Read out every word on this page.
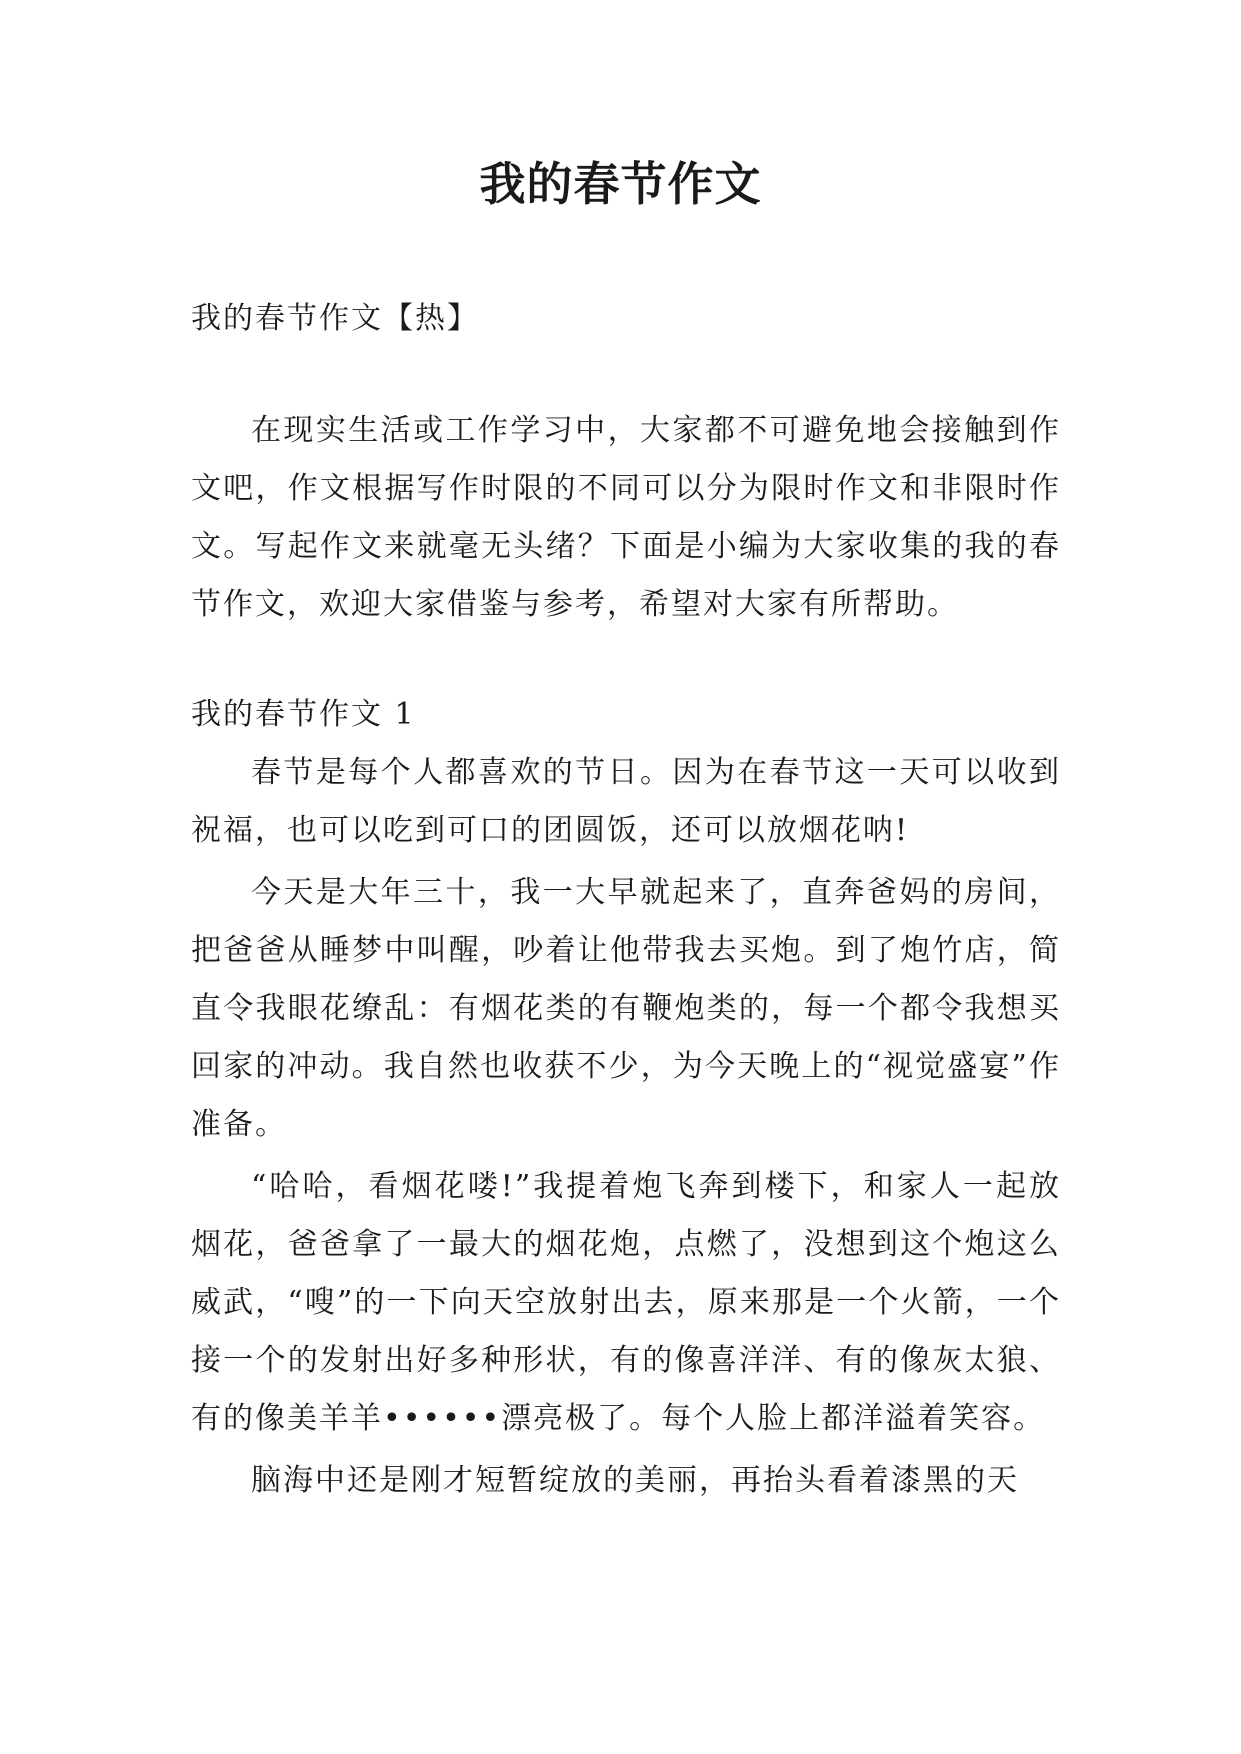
我的春节作文
我的春节作文【热】

在现实生活或工作学习中，大家都不可避免地会接触到作文吧，作文根据写作时限的不同可以分为限时作文和非限时作文。写起作文来就毫无头绪？下面是小编为大家收集的我的春节作文，欢迎大家借鉴与参考，希望对大家有所帮助。

我的春节作文 1

春节是每个人都喜欢的节日。因为在春节这一天可以收到祝福，也可以吃到可口的团圆饭，还可以放烟花呐!

今天是大年三十，我一大早就起来了，直奔爸妈的房间，把爸爸从睡梦中叫醒，吵着让他带我去买炮。到了炮竹店，简直令我眼花缭乱：有烟花类的有鞭炮类的，每一个都令我想买回家的冲动。我自然也收获不少，为今天晚上的“视觉盛宴”作准备。

“哈哈，看烟花喽!”我提着炮飞奔到楼下，和家人一起放烟花，爸爸拿了一最大的烟花炮，点燃了，没想到这个炮这么威武，“嗖”的一下向天空放射出去，原来那是一个火箭，一个接一个的发射出好多种形状，有的像喜洋洋、有的像灰太狼、有的像美羊羊••••••漂亮极了。每个人脸上都洋溢着笑容。

脑海中还是刚才短暂绽放的美丽，再抬头看着漆黑的天
